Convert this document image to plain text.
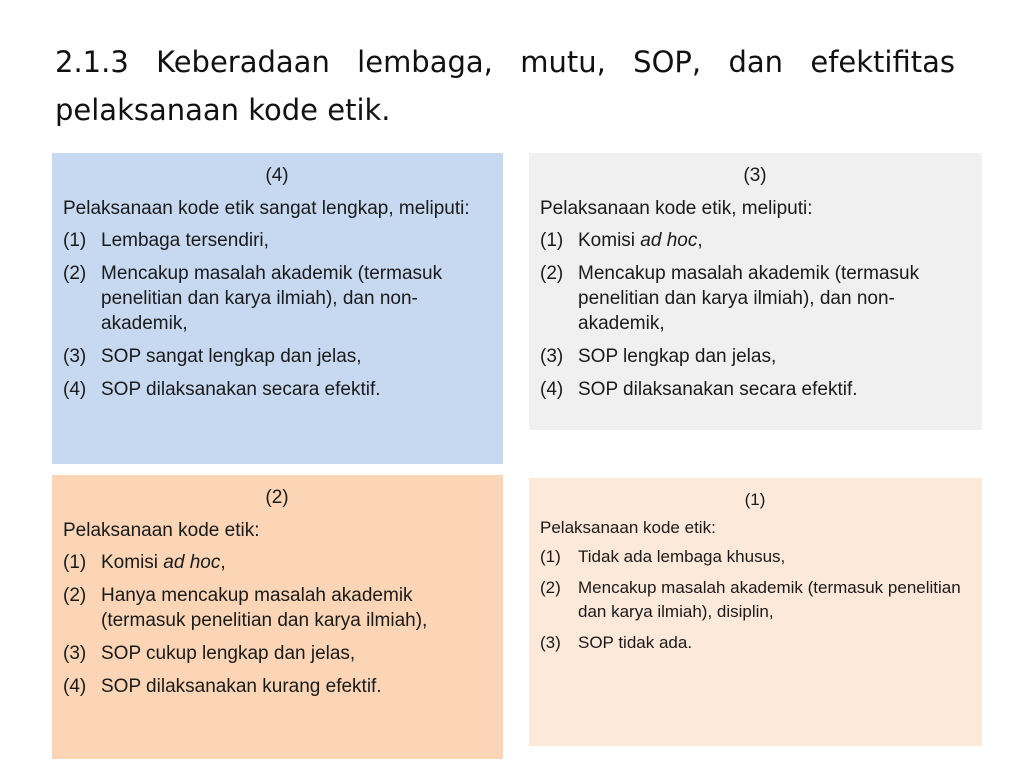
2.1.3 Keberadaan lembaga, mutu, SOP, dan efektifitas pelaksanaan kode etik.
(4)
Pelaksanaan kode etik sangat lengkap, meliputi:
(1) Lembaga tersendiri,
(2) Mencakup masalah akademik (termasuk penelitian dan karya ilmiah), dan non-akademik,
(3) SOP sangat lengkap dan jelas,
(4) SOP dilaksanakan secara efektif.
(3)
Pelaksanaan kode etik, meliputi:
(1) Komisi ad hoc,
(2) Mencakup masalah akademik (termasuk penelitian dan karya ilmiah), dan non-akademik,
(3) SOP lengkap dan jelas,
(4) SOP dilaksanakan secara efektif.
(2)
Pelaksanaan kode etik:
(1) Komisi ad hoc,
(2) Hanya mencakup masalah akademik (termasuk penelitian dan karya ilmiah),
(3) SOP cukup lengkap dan jelas,
(4) SOP dilaksanakan kurang efektif.
(1)
Pelaksanaan kode etik:
(1)	Tidak ada lembaga khusus,
(2)	Mencakup masalah akademik (termasuk penelitian dan karya ilmiah), disiplin,
(3)	SOP tidak ada.
